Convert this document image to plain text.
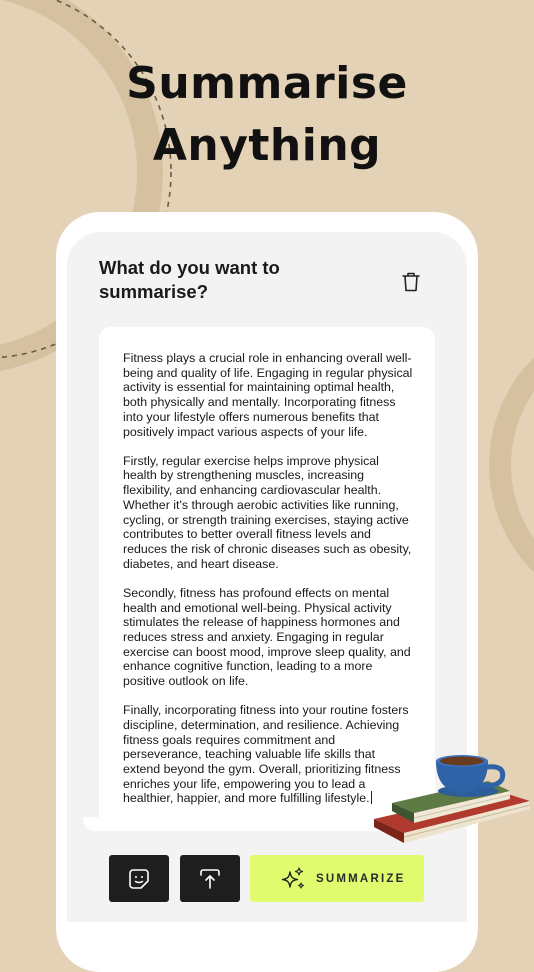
Summarise
Anything
What do you want to summarise?

Fitness plays a crucial role in enhancing overall well-being and quality of life. Engaging in regular physical activity is essential for maintaining optimal health, both physically and mentally. Incorporating fitness into your lifestyle offers numerous benefits that positively impact various aspects of your life.

Firstly, regular exercise helps improve physical health by strengthening muscles, increasing flexibility, and enhancing cardiovascular health. Whether it's through aerobic activities like running, cycling, or strength training exercises, staying active contributes to better overall fitness levels and reduces the risk of chronic diseases such as obesity, diabetes, and heart disease.

Secondly, fitness has profound effects on mental health and emotional well-being. Physical activity stimulates the release of happiness hormones and reduces stress and anxiety. Engaging in regular exercise can boost mood, improve sleep quality, and enhance cognitive function, leading to a more positive outlook on life.

Finally, incorporating fitness into your routine fosters discipline, determination, and resilience. Achieving fitness goals requires commitment and perseverance, teaching valuable life skills that extend beyond the gym. Overall, prioritizing fitness enriches your life, empowering you to lead a healthier, happier, and more fulfilling lifestyle.

SUMMARIZE
